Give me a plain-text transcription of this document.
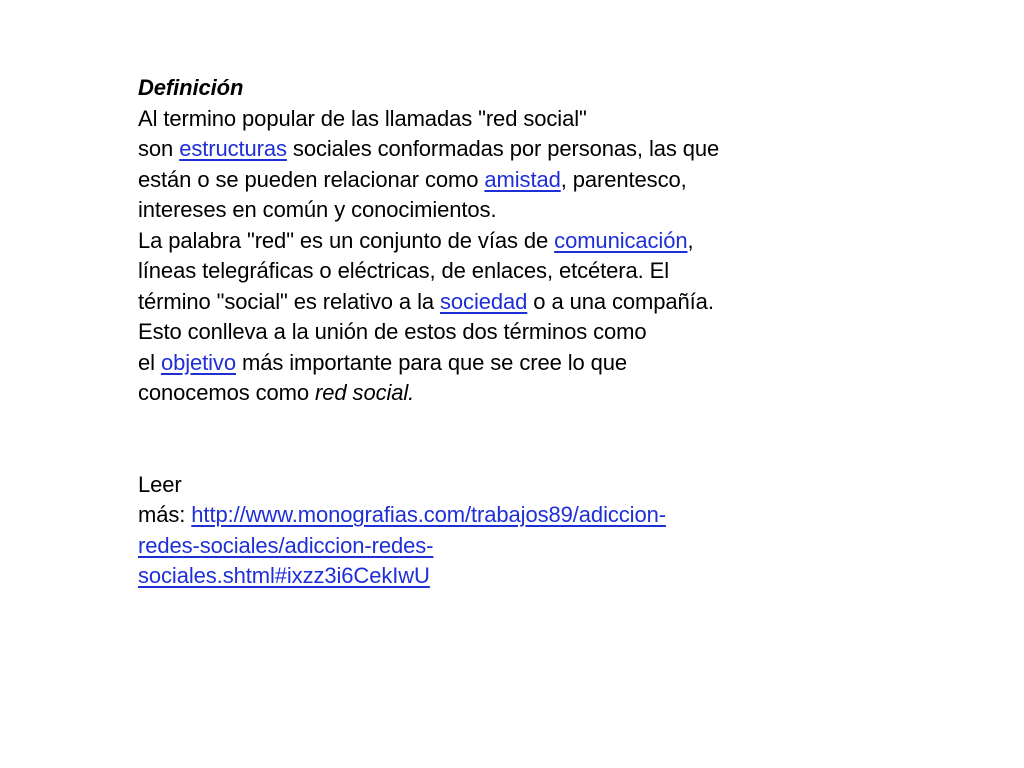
Definición
Al termino popular de las llamadas "red social"
son estructuras sociales conformadas por personas, las que
están o se pueden relacionar como amistad, parentesco,
intereses en común y conocimientos.
La palabra "red" es un conjunto de vías de comunicación,
líneas telegráficas o eléctricas, de enlaces, etcétera. El
término "social" es relativo a la sociedad o a una compañía.
Esto conlleva a la unión de estos dos términos como
el objetivo más importante para que se cree lo que
conocemos como red social.
Leer
más: http://www.monografias.com/trabajos89/adiccion-
redes-sociales/adiccion-redes-
sociales.shtml#ixzz3i6CekIwU
